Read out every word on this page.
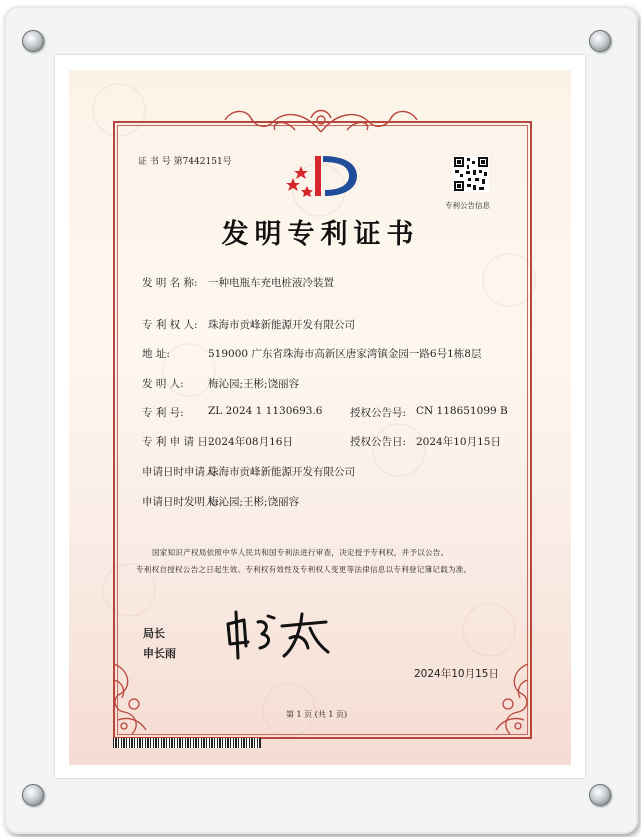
证 书 号 第7442151号
专利公告信息
发明专利证书
发 明 名 称: 一种电瓶车充电桩液冷装置
专 利 权 人: 珠海市贡峰新能源开发有限公司
地 址:	519000 广东省珠海市高新区唐家湾镇金园一路6号1栋8层
发 明 人: 梅沁园;王彬;饶丽容
专 利 号: ZL 2024 1 1130693.6	授权公告号: CN 118651099 B
专 利 申 请 日:
2024年08月16日	授权公告日: 2024年10月15日
申请日时申请人:
珠海市贡峰新能源开发有限公司
申请日时发明人:
梅沁园;王彬;饶丽容
国家知识产权局依照中华人民共和国专利法进行审查，决定授予专利权，并予以公告。
专利权自授权公告之日起生效。专利权有效性及专利权人变更等法律信息以专利登记簿记载为准。
局长
申长雨
2024年10月15日
第 1 页 (共 1 页)
